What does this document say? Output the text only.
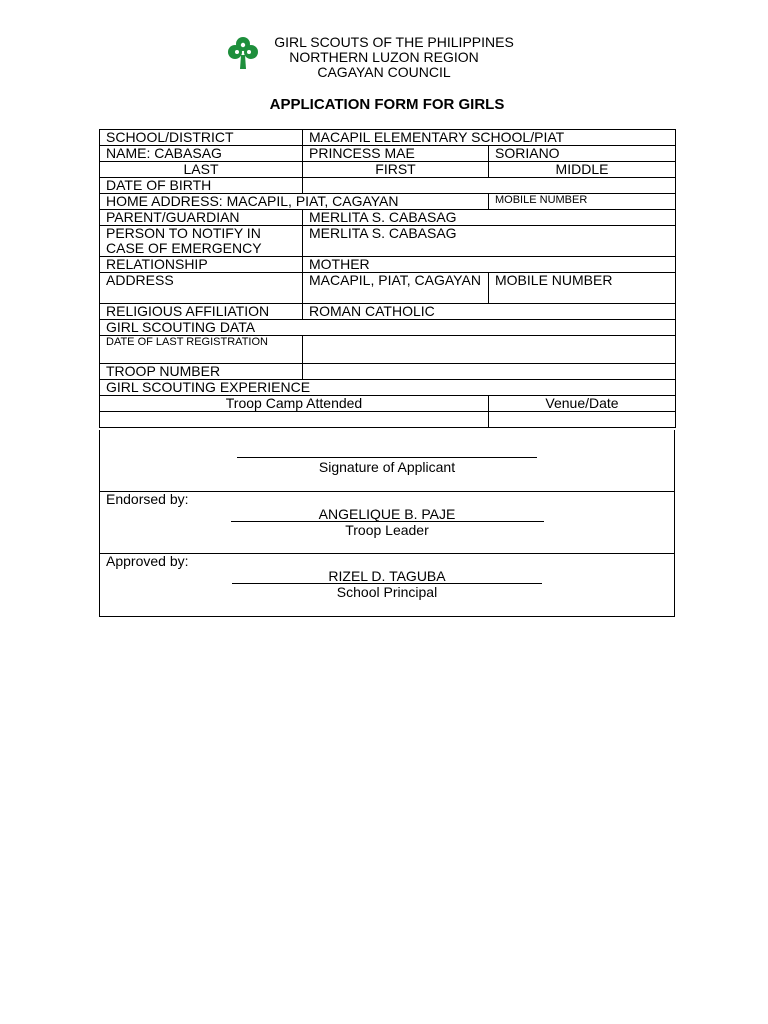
GIRL SCOUTS OF THE PHILIPPINES
NORTHERN LUZON REGION
CAGAYAN COUNCIL
APPLICATION FORM FOR GIRLS
SCHOOL/DISTRICT	MACAPIL ELEMENTARY SCHOOL/PIAT	
NAME: CABASAG	PRINCESS MAE	SORIANO
LAST	FIRST	MIDDLE
DATE OF BIRTH		
HOME ADDRESS: MACAPIL, PIAT, CAGAYAN		MOBILE NUMBER
PARENT/GUARDIAN	MERLITA S. CABASAG	
PERSON TO NOTIFY IN CASE OF EMERGENCY	MERLITA S. CABASAG	
RELATIONSHIP	MOTHER	
ADDRESS	MACAPIL, PIAT, CAGAYAN	MOBILE NUMBER
RELIGIOUS AFFILIATION	ROMAN CATHOLIC	
GIRL SCOUTING DATA		
DATE OF LAST REGISTRATION		
TROOP NUMBER		
GIRL SCOUTING EXPERIENCE		
Troop Camp Attended		Venue/Date

Signature of Applicant
Endorsed by:
ANGELIQUE B. PAJE
Troop Leader
Approved by:
RIZEL D. TAGUBA
School Principal
